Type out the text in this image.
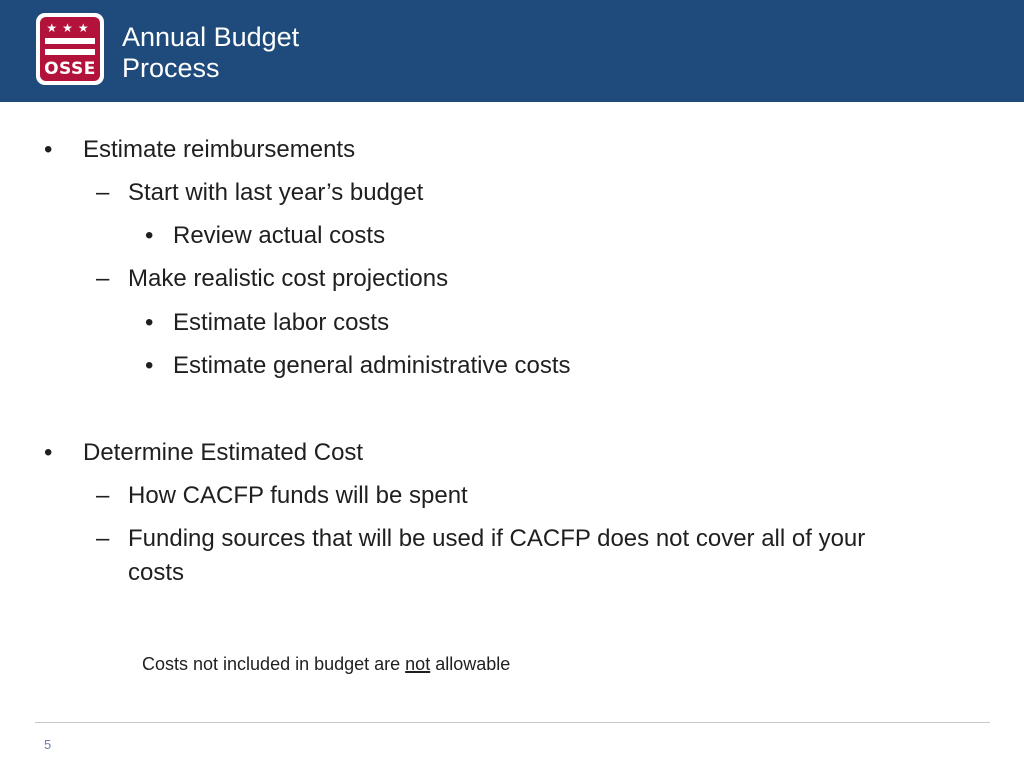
★★★
OSSE
Annual Budget
Process
• Estimate reimbursements
– Start with last year’s budget
• Review actual costs
– Make realistic cost projections
• Estimate labor costs
• Estimate general administrative costs
• Determine Estimated Cost
– How CACFP funds will be spent
– Funding sources that will be used if CACFP does not cover all of your
costs
Costs not included in budget are not allowable
5
